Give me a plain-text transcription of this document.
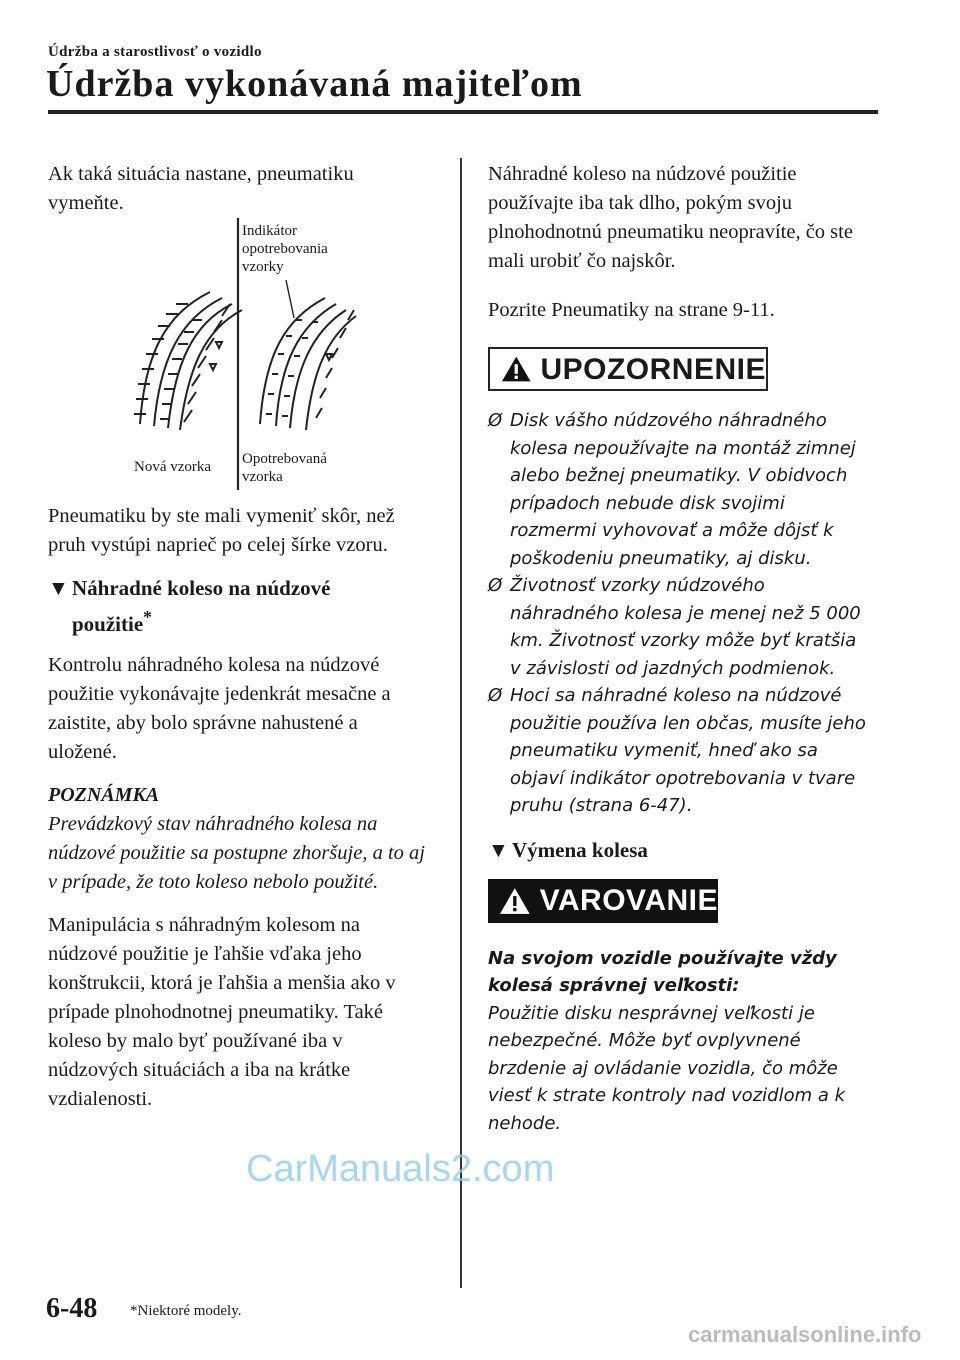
Údržba a starostlivosť o vozidlo
Údržba vykonávaná majiteľom

Ak taká situácia nastane, pneumatiku vymeňte.

Indikátor
opotrebovania
vzorky
Nová vzorka Opotrebovaná
vzorka

Pneumatiku by ste mali vymeniť skôr, než pruh vystúpi naprieč po celej šírke vzoru.

▼ Náhradné koleso na núdzové
použitie*

Kontrolu náhradného kolesa na núdzové použitie vykonávajte jedenkrát mesačne a zaistite, aby bolo správne nahustené a uložené.

POZNÁMKA

Prevádzkový stav náhradného kolesa na núdzové použitie sa postupne zhoršuje, a to aj v prípade, že toto koleso nebolo použité.

Manipulácia s náhradným kolesom na núdzové použitie je ľahšie vďaka jeho konštrukcii, ktorá je ľahšia a menšia ako v prípade plnohodnotnej pneumatiky. Také koleso by malo byť používané iba v núdzových situáciách a iba na krátke vzdialenosti.

Náhradné koleso na núdzové použitie používajte iba tak dlho, pokým svoju plnohodnotnú pneumatiku neopravíte, čo ste mali urobiť čo najskôr.

Pozrite Pneumatiky na strane 9-11.

UPOZORNENIE
Ø Disk vášho núdzového náhradného kolesa nepoužívajte na montáž zimnej alebo bežnej pneumatiky. V obidvoch prípadoch nebude disk svojimi rozmermi vyhovovať a môže dôjsť k poškodeniu pneumatiky, aj disku.
Ø Životnosť vzorky núdzového náhradného kolesa je menej než 5 000 km. Životnosť vzorky môže byť kratšia v závislosti od jazdných podmienok.
Ø Hoci sa náhradné koleso na núdzové použitie používa len občas, musíte jeho pneumatiku vymeniť, hneď ako sa objaví indikátor opotrebovania v tvare pruhu (strana 6-47).
▼ Výmena kolesa
VAROVANIE
Na svojom vozidle používajte vždy kolesá správnej veľkosti:
Použitie disku nesprávnej veľkosti je nebezpečné. Môže byť ovplyvnené brzdenie aj ovládanie vozidla, čo môže viesť k strate kontroly nad vozidlom a k nehode.
CarManuals2.com
6-48 *Niektoré modely.
carmanualsonline.info
